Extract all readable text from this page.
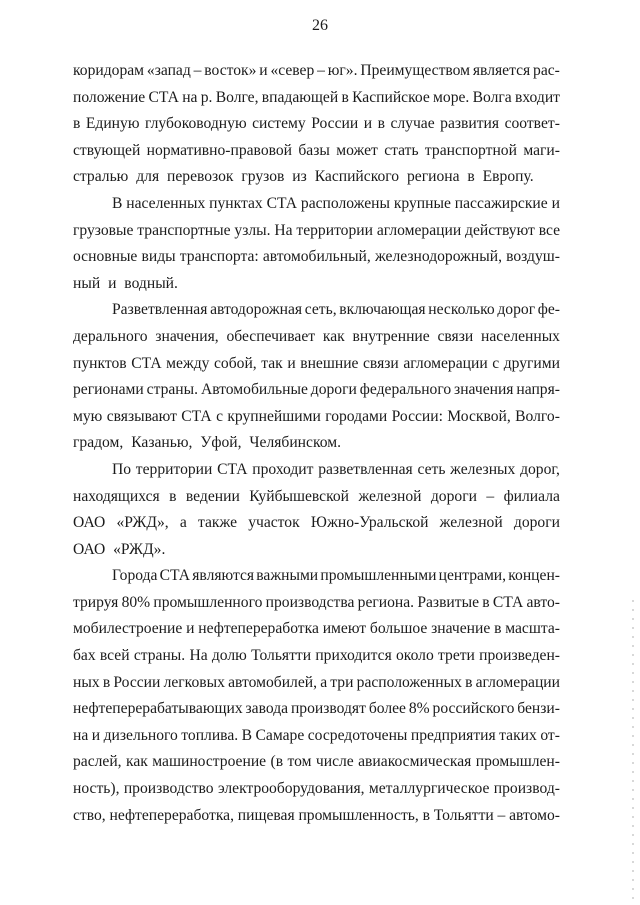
26
коридорам «запад – восток» и «север – юг». Преимуществом является рас-
положение СТА на р. Волге, впадающей в Каспийское море. Волга входит
в Единую глубоководную систему России и в случае развития соответ-
ствующей нормативно-правовой базы может стать транспортной маги-
стралью для перевозок грузов из Каспийского региона в Европу.
В населенных пунктах СТА расположены крупные пассажирские и
грузовые транспортные узлы. На территории агломерации действуют все
основные виды транспорта: автомобильный, железнодорожный, воздуш-
ный и водный.
Разветвленная автодорожная сеть, включающая несколько дорог фе-
дерального значения, обеспечивает как внутренние связи населенных
пунктов СТА между собой, так и внешние связи агломерации с другими
регионами страны. Автомобильные дороги федерального значения напря-
мую связывают СТА с крупнейшими городами России: Москвой, Волго-
градом, Казанью, Уфой, Челябинском.
По территории СТА проходит разветвленная сеть железных дорог,
находящихся в ведении Куйбышевской железной дороги – филиала
ОАО «РЖД», а также участок Южно-Уральской железной дороги
ОАО «РЖД».
Города СТА являются важными промышленными центрами, концен-
трируя 80% промышленного производства региона. Развитые в СТА авто-
мобилестроение и нефтепереработка имеют большое значение в масшта-
бах всей страны. На долю Тольятти приходится около трети произведен-
ных в России легковых автомобилей, а три расположенных в агломерации
нефтеперерабатывающих завода производят более 8% российского бензи-
на и дизельного топлива. В Самаре сосредоточены предприятия таких от-
раслей, как машиностроение (в том числе авиакосмическая промышлен-
ность), производство электрооборудования, металлургическое производ-
ство, нефтепереработка, пищевая промышленность, в Тольятти – автомо-
